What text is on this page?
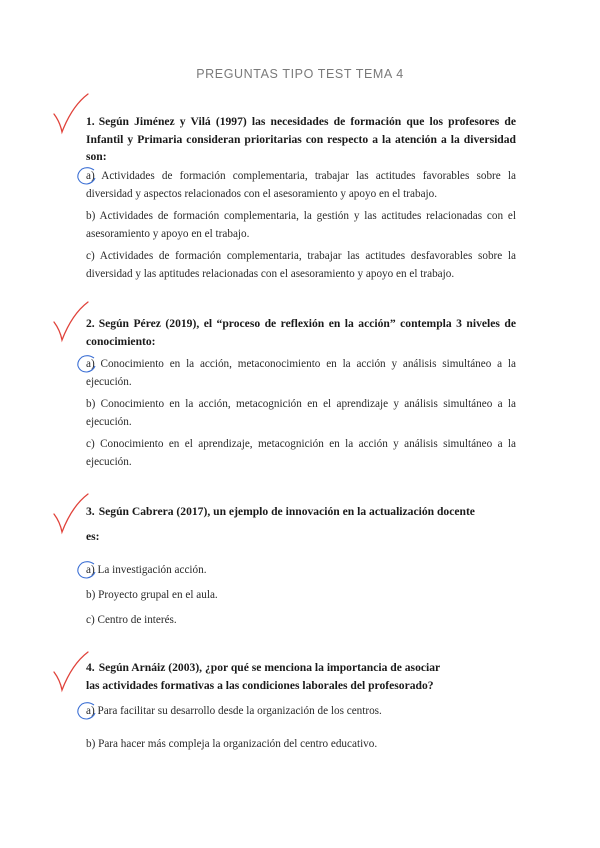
PREGUNTAS TIPO TEST TEMA 4
1. Según Jiménez y Vilá (1997) las necesidades de formación que los profesores de Infantil y Primaria consideran prioritarias con respecto a la atención a la diversidad son:
a) Actividades de formación complementaria, trabajar las actitudes favorables sobre la diversidad y aspectos relacionados con el asesoramiento y apoyo en el trabajo.
b) Actividades de formación complementaria, la gestión y las actitudes relacionadas con el asesoramiento y apoyo en el trabajo.
c) Actividades de formación complementaria, trabajar las actitudes desfavorables sobre la diversidad y las aptitudes relacionadas con el asesoramiento y apoyo en el trabajo.
2. Según Pérez (2019), el “proceso de reflexión en la acción” contempla 3 niveles de conocimiento:
a) Conocimiento en la acción, metaconocimiento en la acción y análisis simultáneo a la ejecución.
b) Conocimiento en la acción, metacognición en el aprendizaje y análisis simultáneo a la ejecución.
c) Conocimiento en el aprendizaje, metacognición en la acción y análisis simultáneo a la ejecución.
3. Según Cabrera (2017), un ejemplo de innovación en la actualización docente
es:
a) La investigación acción.
b) Proyecto grupal en el aula.
c) Centro de interés.
4. Según Arnáiz (2003), ¿por qué se menciona la importancia de asociar
las actividades formativas a las condiciones laborales del profesorado?
a) Para facilitar su desarrollo desde la organización de los centros.
b) Para hacer más compleja la organización del centro educativo.
